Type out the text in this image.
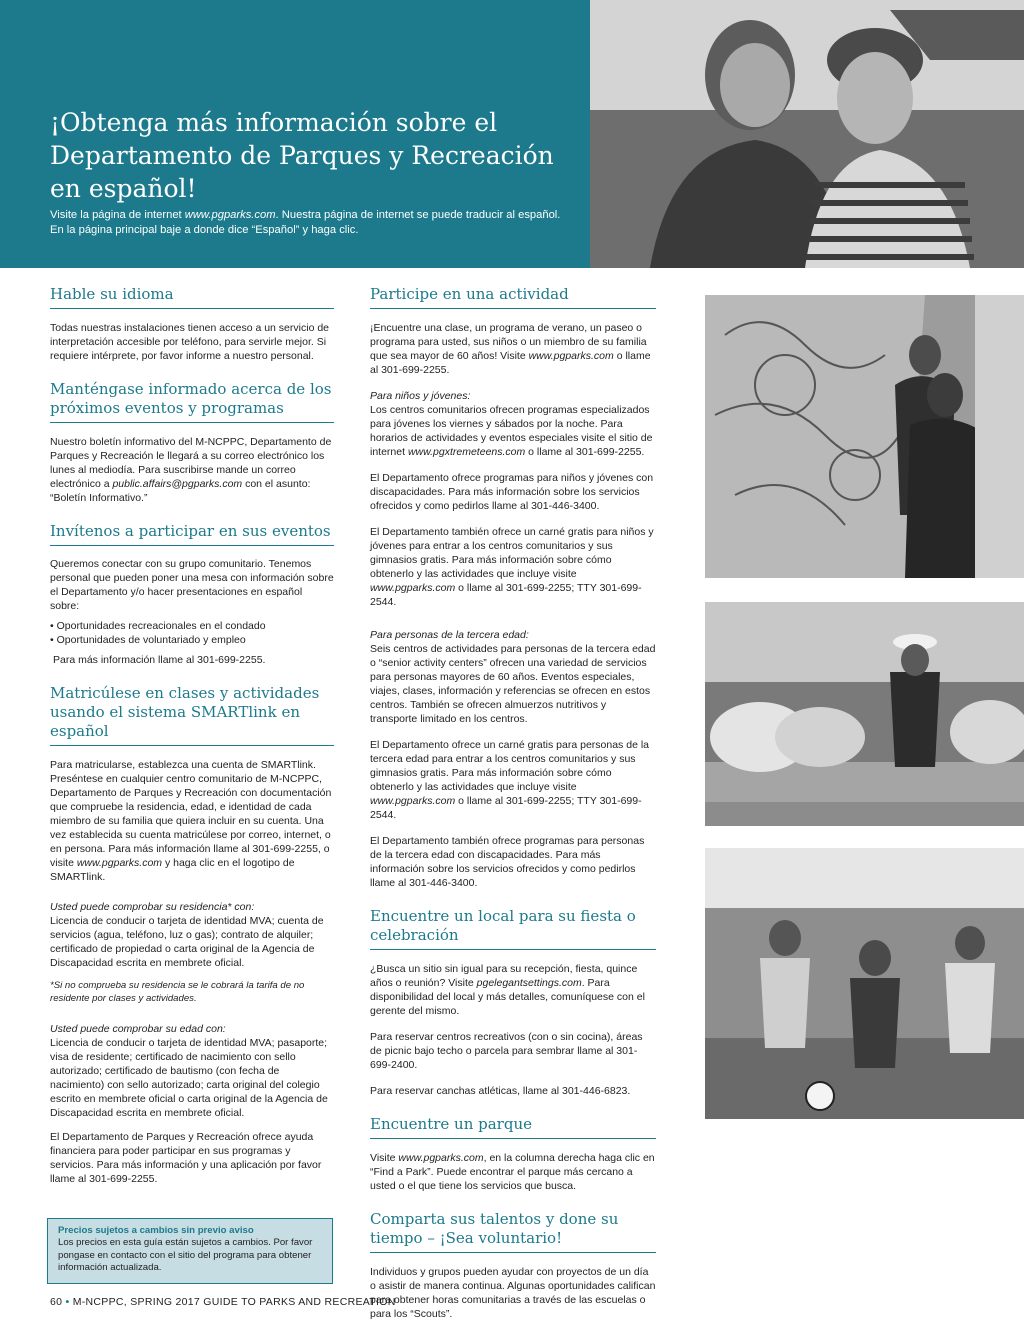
¡Obtenga más información sobre el Departamento de Parques y Recreación en español!
Visite la página de internet www.pgparks.com. Nuestra página de internet se puede traducir al español. En la página principal baje a donde dice “Español” y haga clic.
Hable su idioma

Todas nuestras instalaciones tienen acceso a un servicio de interpretación accesible por teléfono, para servirle mejor. Si requiere intérprete, por favor informe a nuestro personal.

Manténgase informado acerca de los próximos eventos y programas

Nuestro boletín informativo del M-NCPPC, Departamento de Parques y Recreación le llegará a su correo electrónico los lunes al mediodía. Para suscribirse mande un correo electrónico a public.affairs@pgparks.com con el asunto: “Boletín Informativo.”

Invítenos a participar en sus eventos

Queremos conectar con su grupo comunitario. Tenemos personal que pueden poner una mesa con información sobre el Departamento y/o hacer presentaciones en español sobre:

• Oportunidades recreacionales en el condado
• Oportunidades de voluntariado y empleo

Para más información llame al 301-699-2255.

Matricúlese en clases y actividades usando el sistema SMARTlink en español

Para matricularse, establezca una cuenta de SMARTlink. Preséntese en cualquier centro comunitario de M-NCPPC, Departamento de Parques y Recreación con documentación que compruebe la residencia, edad, e identidad de cada miembro de su familia que quiera incluir en su cuenta. Una vez establecida su cuenta matricúlese por correo, internet, o en persona. Para más información llame al 301-699-2255, o visite www.pgparks.com y haga clic en el logotipo de SMARTlink.

Usted puede comprobar su residencia* con:

Licencia de conducir o tarjeta de identidad MVA; cuenta de servicios (agua, teléfono, luz o gas); contrato de alquiler; certificado de propiedad o carta original de la Agencia de Discapacidad escrita en membrete oficial.

*Si no comprueba su residencia se le cobrará la tarifa de no residente por clases y actividades.

Usted puede comprobar su edad con:

Licencia de conducir o tarjeta de identidad MVA; pasaporte; visa de residente; certificado de nacimiento con sello autorizado; certificado de bautismo (con fecha de nacimiento) con sello autorizado; carta original del colegio escrito en membrete oficial o carta original de la Agencia de Discapacidad escrita en membrete oficial.

El Departamento de Parques y Recreación ofrece ayuda financiera para poder participar en sus programas y servicios. Para más información y una aplicación por favor llame al 301-699-2255.

Precios sujetos a cambios sin previo aviso
Los precios en esta guía están sujetos a cambios. Por favor pongase en contacto con el sitio del programa para obtener información actualizada.
Participe en una actividad

¡Encuentre una clase, un programa de verano, un paseo o programa para usted, sus niños o un miembro de su familia que sea mayor de 60 años! Visite www.pgparks.com o llame al 301-699-2255.

Para niños y jóvenes:

Los centros comunitarios ofrecen programas especializados para jóvenes los viernes y sábados por la noche. Para horarios de actividades y eventos especiales visite el sitio de internet www.pgxtremeteens.com o llame al 301-699-2255.

El Departamento ofrece programas para niños y jóvenes con discapacidades. Para más información sobre los servicios ofrecidos y como pedirlos llame al 301-446-3400.

El Departamento también ofrece un carné gratis para niños y jóvenes para entrar a los centros comunitarios y sus gimnasios gratis. Para más información sobre cómo obtenerlo y las actividades que incluye visite www.pgparks.com o llame al 301-699-2255; TTY 301-699-2544.

Para personas de la tercera edad:

Seis centros de actividades para personas de la tercera edad o “senior activity centers” ofrecen una variedad de servicios para personas mayores de 60 años. Eventos especiales, viajes, clases, información y referencias se ofrecen en estos centros. También se ofrecen almuerzos nutritivos y transporte limitado en los centros.

El Departamento ofrece un carné gratis para personas de la tercera edad para entrar a los centros comunitarios y sus gimnasios gratis. Para más información sobre cómo obtenerlo y las actividades que incluye visite www.pgparks.com o llame al 301-699-2255; TTY 301-699-2544.

El Departamento también ofrece programas para personas de la tercera edad con discapacidades. Para más información sobre los servicios ofrecidos y como pedirlos llame al 301-446-3400.

Encuentre un local para su fiesta o celebración

¿Busca un sitio sin igual para su recepción, fiesta, quince años o reunión? Visite pgelegantsettings.com. Para disponibilidad del local y más detalles, comuníquese con el gerente del mismo.

Para reservar centros recreativos (con o sin cocina), áreas de picnic bajo techo o parcela para sembrar llame al 301-699-2400.

Para reservar canchas atléticas, llame al 301-446-6823.

Encuentre un parque

Visite www.pgparks.com, en la columna derecha haga clic en “Find a Park”. Puede encontrar el parque más cercano a usted o el que tiene los servicios que busca.

Comparta sus talentos y done su tiempo – ¡Sea voluntario!

Individuos y grupos pueden ayudar con proyectos de un día o asistir de manera continua. Algunas oportunidades califican para obtener horas comunitarias a través de las escuelas o para los “Scouts”.

60 • M-NCPPC, SPRING 2017 GUIDE TO PARKS AND RECREATION
